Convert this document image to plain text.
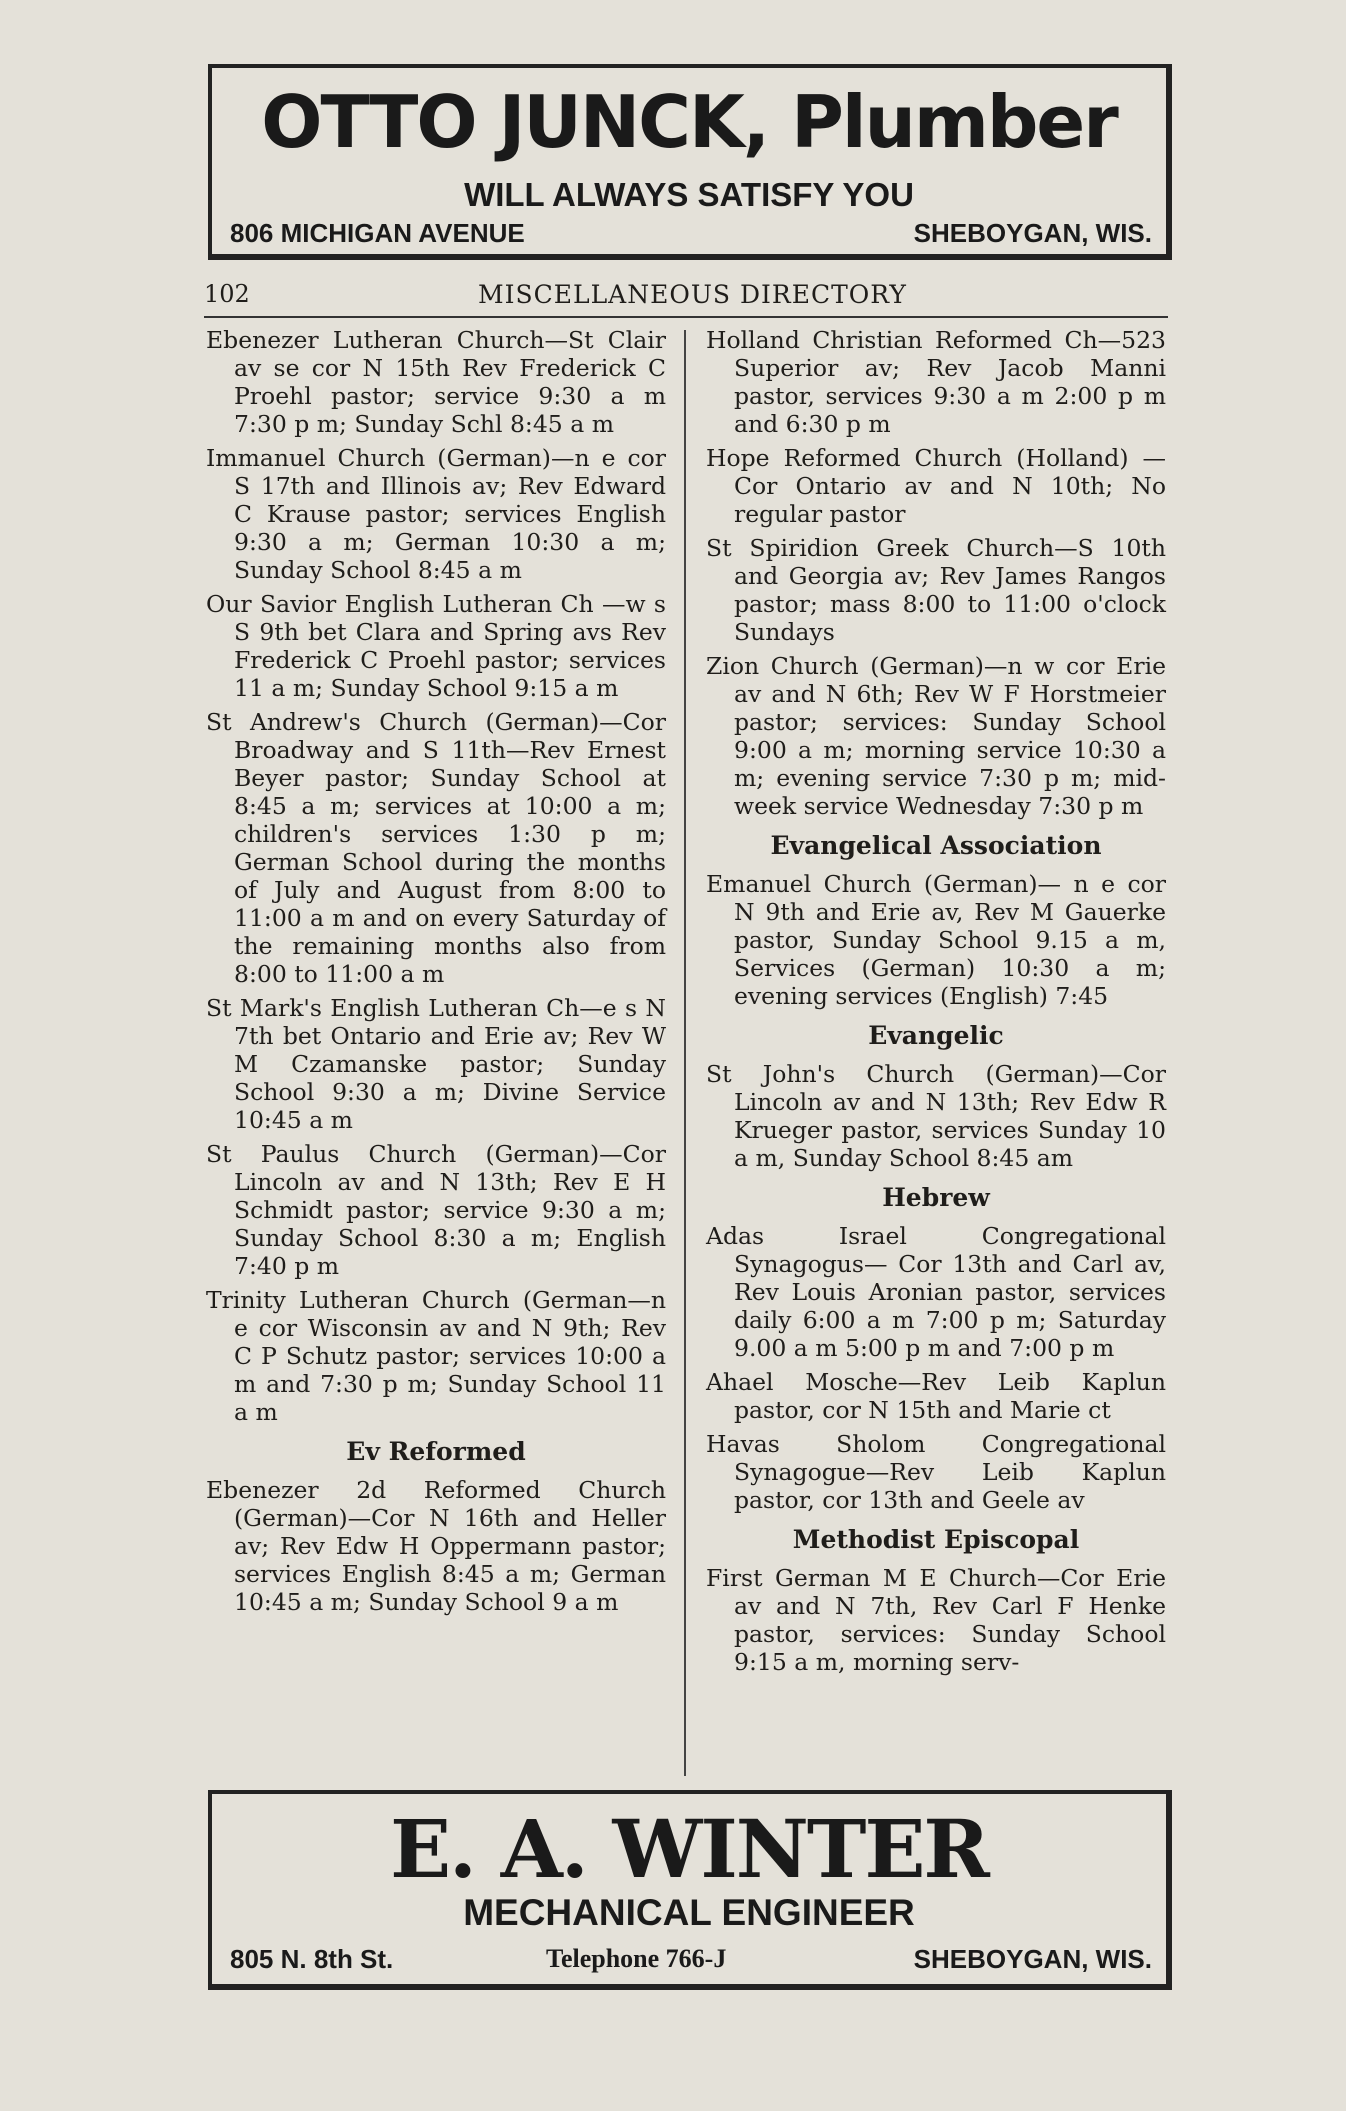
OTTO JUNCK, Plumber
WILL ALWAYS SATISFY YOU
806 MICHIGAN AVENUE	SHEBOYGAN, WIS.
102	MISCELLANEOUS DIRECTORY

Ebenezer Lutheran Church—St Clair av se cor N 15th Rev Frederick C Proehl pastor; service 9:30 a m 7:30 p m; Sunday Schl 8:45 a m

Immanuel Church (German)—n e cor S 17th and Illinois av; Rev Edward C Krause pastor; services English 9:30 a m; German 10:30 a m; Sunday School 8:45 a m

Our Savior English Lutheran Ch —w s S 9th bet Clara and Spring avs Rev Frederick C Proehl pastor; services 11 a m; Sunday School 9:15 a m

St Andrew's Church (German)—Cor Broadway and S 11th—Rev Ernest Beyer pastor; Sunday School at 8:45 a m; services at 10:00 a m; children's services 1:30 p m; German School during the months of July and August from 8:00 to 11:00 a m and on every Saturday of the remaining months also from 8:00 to 11:00 a m

St Mark's English Lutheran Ch—e s N 7th bet Ontario and Erie av; Rev W M Czamanske pastor; Sunday School 9:30 a m; Divine Service 10:45 a m

St Paulus Church (German)—Cor Lincoln av and N 13th; Rev E H Schmidt pastor; service 9:30 a m; Sunday School 8:30 a m; English 7:40 p m

Trinity Lutheran Church (German—n e cor Wisconsin av and N 9th; Rev C P Schutz pastor; services 10:00 a m and 7:30 p m; Sunday School 11 a m

Ev Reformed

Ebenezer 2d Reformed Church (German)—Cor N 16th and Heller av; Rev Edw H Oppermann pastor; services English 8:45 a m; German 10:45 a m; Sunday School 9 a m

Holland Christian Reformed Ch—523 Superior av; Rev Jacob Manni pastor, services 9:30 a m 2:00 p m and 6:30 p m

Hope Reformed Church (Holland) —Cor Ontario av and N 10th; No regular pastor

St Spiridion Greek Church—S 10th and Georgia av; Rev James Rangos pastor; mass 8:00 to 11:00 o'clock Sundays

Zion Church (German)—n w cor Erie av and N 6th; Rev W F Horstmeier pastor; services: Sunday School 9:00 a m; morning service 10:30 a m; evening service 7:30 p m; mid-week service Wednesday 7:30 p m

Evangelical Association

Emanuel Church (German)— n e cor N 9th and Erie av, Rev M Gauerke pastor, Sunday School 9.15 a m, Services (German) 10:30 a m; evening services (English) 7:45

Evangelic

St John's Church (German)—Cor Lincoln av and N 13th; Rev Edw R Krueger pastor, services Sunday 10 a m, Sunday School 8:45 am

Hebrew

Adas Israel Congregational Synagogus— Cor 13th and Carl av, Rev Louis Aronian pastor, services daily 6:00 a m 7:00 p m; Saturday 9.00 a m 5:00 p m and 7:00 p m

Ahael Mosche—Rev Leib Kaplun pastor, cor N 15th and Marie ct

Havas Sholom Congregational Synagogue—Rev Leib Kaplun pastor, cor 13th and Geele av

Methodist Episcopal

First German M E Church—Cor Erie av and N 7th, Rev Carl F Henke pastor, services: Sunday School 9:15 a m, morning serv-

E. A. WINTER
MECHANICAL ENGINEER
805 N. 8th St.	Telephone 766-J	SHEBOYGAN, WIS.
